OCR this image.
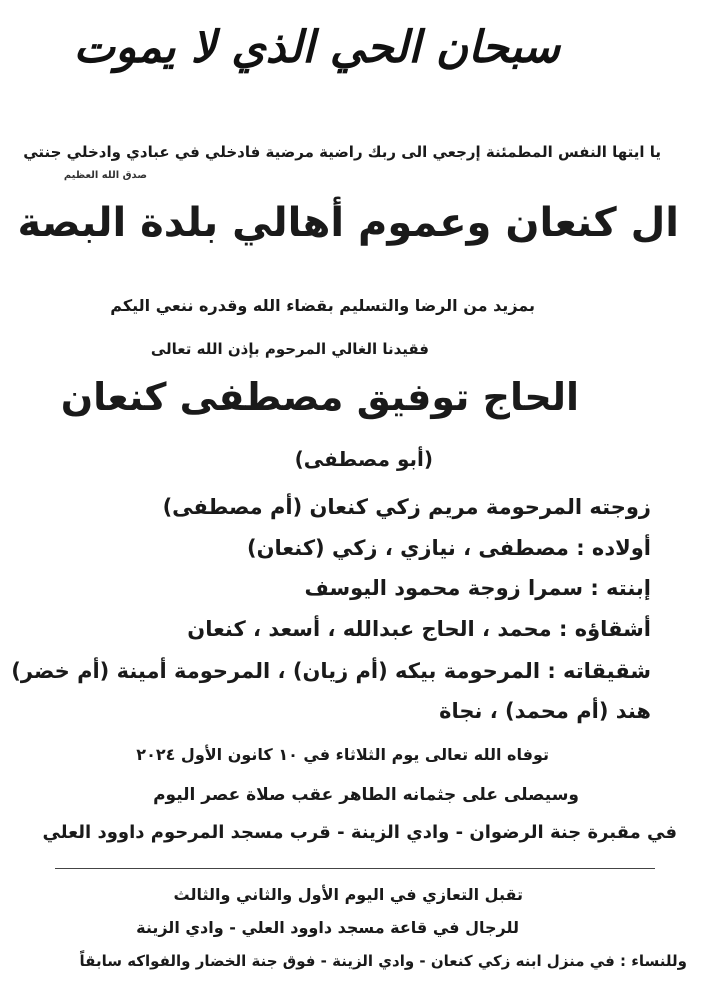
سبحان الحي الذي لا يموت
يا ايتها النفس المطمئنة إرجعي الى ربك راضية مرضية فادخلي في عبادي وادخلي جنتي
صدق الله العظيم
ال كنعان وعموم أهالي بلدة البصة
بمزيد من الرضا والتسليم بقضاء الله وقدره ننعي اليكم
فقيدنا الغالي المرحوم بإذن الله تعالى
الحاج توفيق مصطفى كنعان
(أبو مصطفى)
زوجته المرحومة مريم زكي كنعان (أم مصطفى)
أولاده : مصطفى ، نيازي ، زكي (كنعان)
إبنته : سمرا زوجة محمود اليوسف
أشقاؤه : محمد ، الحاج عبدالله ، أسعد ، كنعان
شقيقاته : المرحومة بيكه (أم زيان) ، المرحومة أمينة (أم خضر)
هند (أم محمد) ، نجاة
توفاه الله تعالى يوم الثلاثاء في ١٠ كانون الأول ٢٠٢٤
وسيصلى على جثمانه الطاهر عقب صلاة عصر اليوم
في مقبرة جنة الرضوان - وادي الزينة - قرب مسجد المرحوم داوود العلي
تقبل التعازي في اليوم الأول والثاني والثالث
للرجال في قاعة مسجد داوود العلي - وادي الزينة
وللنساء : في منزل ابنه زكي كنعان - وادي الزينة - فوق جنة الخضار والفواكه سابقاً
